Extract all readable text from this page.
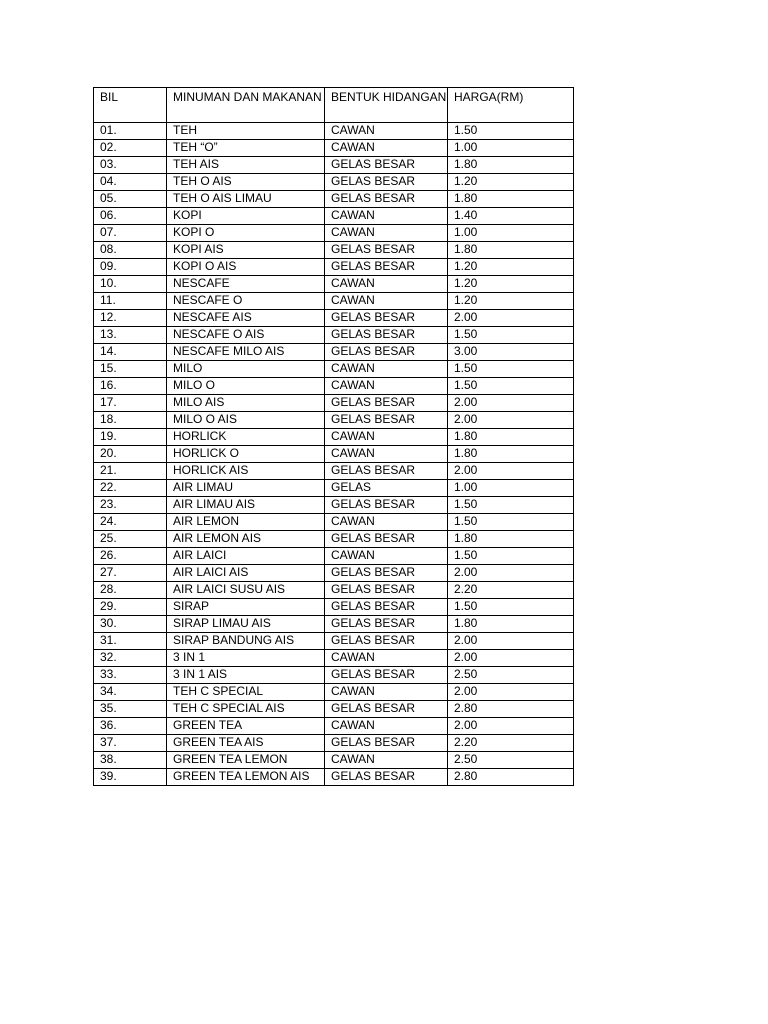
BIL	MINUMAN DAN MAKANAN	BENTUK HIDANGAN	HARGA(RM)
01.	TEH	CAWAN	1.50
02.	TEH “O”	CAWAN	1.00
03.	TEH AIS	GELAS BESAR	1.80
04.	TEH O AIS	GELAS BESAR	1.20
05.	TEH O AIS LIMAU	GELAS BESAR	1.80
06.	KOPI	CAWAN	1.40
07.	KOPI O	CAWAN	1.00
08.	KOPI AIS	GELAS BESAR	1.80
09.	KOPI O AIS	GELAS BESAR	1.20
10.	NESCAFE	CAWAN	1.20
11.	NESCAFE O	CAWAN	1.20
12.	NESCAFE AIS	GELAS BESAR	2.00
13.	NESCAFE O AIS	GELAS BESAR	1.50
14.	NESCAFE MILO AIS	GELAS BESAR	3.00
15.	MILO	CAWAN	1.50
16.	MILO O	CAWAN	1.50
17.	MILO AIS	GELAS BESAR	2.00
18.	MILO O AIS	GELAS BESAR	2.00
19.	HORLICK	CAWAN	1.80
20.	HORLICK O	CAWAN	1.80
21.	HORLICK AIS	GELAS BESAR	2.00
22.	AIR LIMAU	GELAS	1.00
23.	AIR LIMAU AIS	GELAS BESAR	1.50
24.	AIR LEMON	CAWAN	1.50
25.	AIR LEMON AIS	GELAS BESAR	1.80
26.	AIR LAICI	CAWAN	1.50
27.	AIR LAICI AIS	GELAS BESAR	2.00
28.	AIR LAICI SUSU AIS	GELAS BESAR	2.20
29.	SIRAP	GELAS BESAR	1.50
30.	SIRAP LIMAU AIS	GELAS BESAR	1.80
31.	SIRAP BANDUNG AIS	GELAS BESAR	2.00
32.	3 IN 1	CAWAN	2.00
33.	3 IN 1 AIS	GELAS BESAR	2.50
34.	TEH C SPECIAL	CAWAN	2.00
35.	TEH C SPECIAL AIS	GELAS BESAR	2.80
36.	GREEN TEA	CAWAN	2.00
37.	GREEN TEA AIS	GELAS BESAR	2.20
38.	GREEN TEA LEMON	CAWAN	2.50
39.	GREEN TEA LEMON AIS	GELAS BESAR	2.80
